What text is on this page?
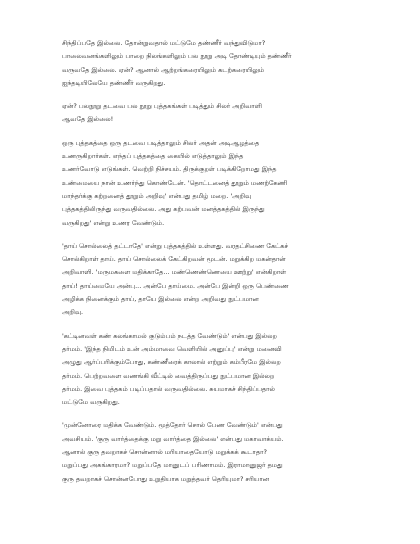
சிந்திப்பதே இல்லை. தோன்றுவதால் மட்டுமே தண்ணீர் வந்துவிடுமா?
பாலைவனங்களிலும் பாறை நிலங்களிலும் பல நூறு அடி தோண்டியும் தண்ணீர்
வருவதே இல்லை. ஏன்? ஆனால் ஆற்றங்கரையிலும் கடற்கரையிலும்
ஐந்தடியிலேயே தண்ணீர் வருகிறது.
ஏன்? பலநூறு தடவை பல நூறு புத்தகங்கள் படித்தும் சிலர் அறிவாளி
ஆவதே இல்லை!
ஒரு புத்தகத்தை ஒரு தடவை படித்தாலும் சிலர் அதன் அடிஆழத்தை
உணருகிறார்கள். எந்தப் புத்தகத்தை கையில் எடுத்தாலும் இந்த
உணர்வோடு எடுங்கள். வெற்றி நிச்சயம். திருக்குறள் படிக்கிறோமது இந்த
உண்மையை நான் உணர்ந்து கொண்டேன். 'தொட்டனைத் தூறும் மணற்கேணி
மாந்தர்க்கு கற்றனைத் தூறும் அறிவு' என்பது தமிழ் மறை. 'அறிவு
புத்தகத்திலிருந்து வருவதில்லை. அது கற்பவன் மனத்தகத்தில் இருந்து
வருகிறது' என்று உணர வேண்டும்.
'தாய் சொல்லைத் தட்டாதே' என்று புத்தகத்தில் உள்ளது. வரதட்சிணை கேட்கச்
சொல்கிறாள் தாய். தாய் சொல்லைக் கேட்கிறவன் மூடன். மறுக்கிற மகன்தான்
அறிவாளி. 'மருமகளை மதிக்காதே... மண்ணெண்ணெயை ஊற்று' என்கிறாள்
தாய்! தாய்மையே அன்பு... அன்பே தாய்மை. அன்பே இன்றி ஒரு பெண்ணை
அழிக்க நினைக்கும் தாய், தாயே இல்லை என்ற அறிவது நுட்பமான
அறிவு.
'கட்டினவள் கண் கலங்காமல் குடும்பம் நடத்த வேண்டும்' என்பது இல்லற
தர்மம். 'இந்த நிமிடம் உன் அம்மாவை வெளியில் அனுப்பு' என்று மனைவி
அழுது ஆர்ப்பரிக்கும்போது, கண்ணீரைக் காலால் எற்றும் கம்பீரமே இல்லற
தர்மம். பெற்றவளை வணங்கி வீட்டில் வைத்திருப்பது நுட்பமான இல்லற
தர்மம். இவை புத்தகம் படிப்பதால் வருவதில்லை. சுயமாகச் சிந்திப்பதால்
மட்டுமே வருகிறது.
'முன்னோரை மதிக்க வேண்டும். மூத்தோர் சொல் பேண வேண்டும்' என்பது
அவசியம். 'குரு வார்த்தைக்கு மறு வார்த்தை இல்லை' என்பது மகாவாக்யம்.
ஆனால் குரு தவறாகச் சொன்னால் மரியாதையோடு மறுக்கக் கூடாதா?
மறுப்பது அகங்காரமா? மறுப்பதே மானுடப் பரிணாமம். இராமானுஜர் தமது
குரு தவறாகச் சொன்னபோது உறுதியாக மறுத்தவர் தெரியுமா? சரியான
